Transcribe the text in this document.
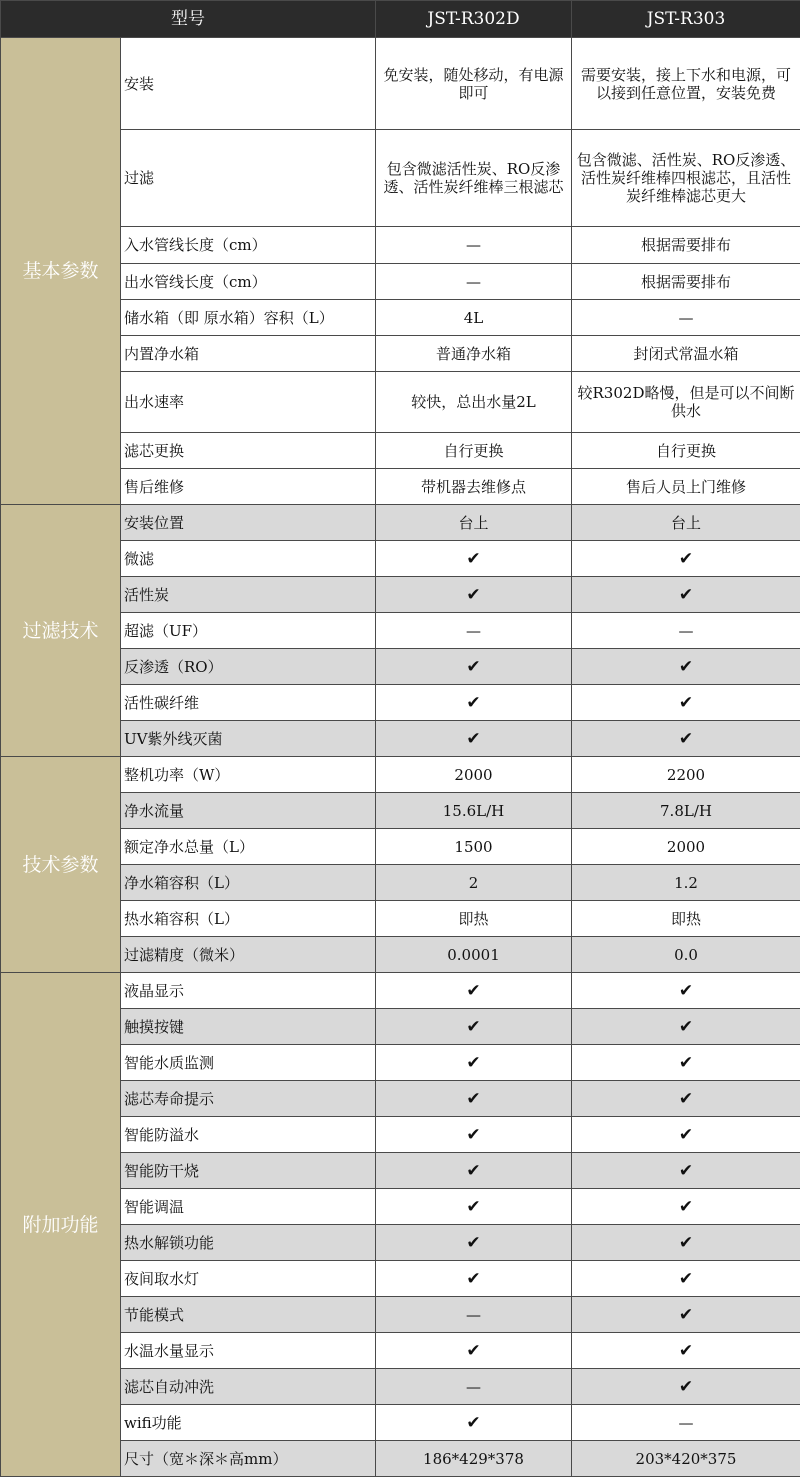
型号		JST-R302D	JST-R303
基本参数	安装	免安装，随处移动，有电源即可	需要安装，接上下水和电源，可以接到任意位置，安装免费
	过滤	包含微滤活性炭、RO反渗透、活性炭纤维棒三根滤芯	包含微滤、活性炭、RO反渗透、活性炭纤维棒四根滤芯，且活性炭纤维棒滤芯更大
	入水管线长度（cm）	—	根据需要排布
	出水管线长度（cm）	—	根据需要排布
	储水箱（即 原水箱）容积（L）	4L	—
	内置净水箱	普通净水箱	封闭式常温水箱
	出水速率	较快，总出水量2L	较R302D略慢，但是可以不间断供水
	滤芯更换	自行更换	自行更换
	售后维修	带机器去维修点	售后人员上门维修
过滤技术	安装位置	台上	台上
	微滤	✔	✔
	活性炭	✔	✔
	超滤（UF）	—	—
	反渗透（RO）	✔	✔
	活性碳纤维	✔	✔
	UV紫外线灭菌	✔	✔
技术参数	整机功率（W）	2000	2200
	净水流量	15.6L/H	7.8L/H
	额定净水总量（L）	1500	2000
	净水箱容积（L）	2	1.2
	热水箱容积（L）	即热	即热
	过滤精度（微米）	0.0001	0.0
附加功能	液晶显示	✔	✔
	触摸按键	✔	✔
	智能水质监测	✔	✔
	滤芯寿命提示	✔	✔
	智能防溢水	✔	✔
	智能防干烧	✔	✔
	智能调温	✔	✔
	热水解锁功能	✔	✔
	夜间取水灯	✔	✔
	节能模式	—	✔
	水温水量显示	✔	✔
	滤芯自动冲洗	—	✔
	wifi功能	✔	—
	尺寸（宽＊深＊高mm）	186*429*378	203*420*375
